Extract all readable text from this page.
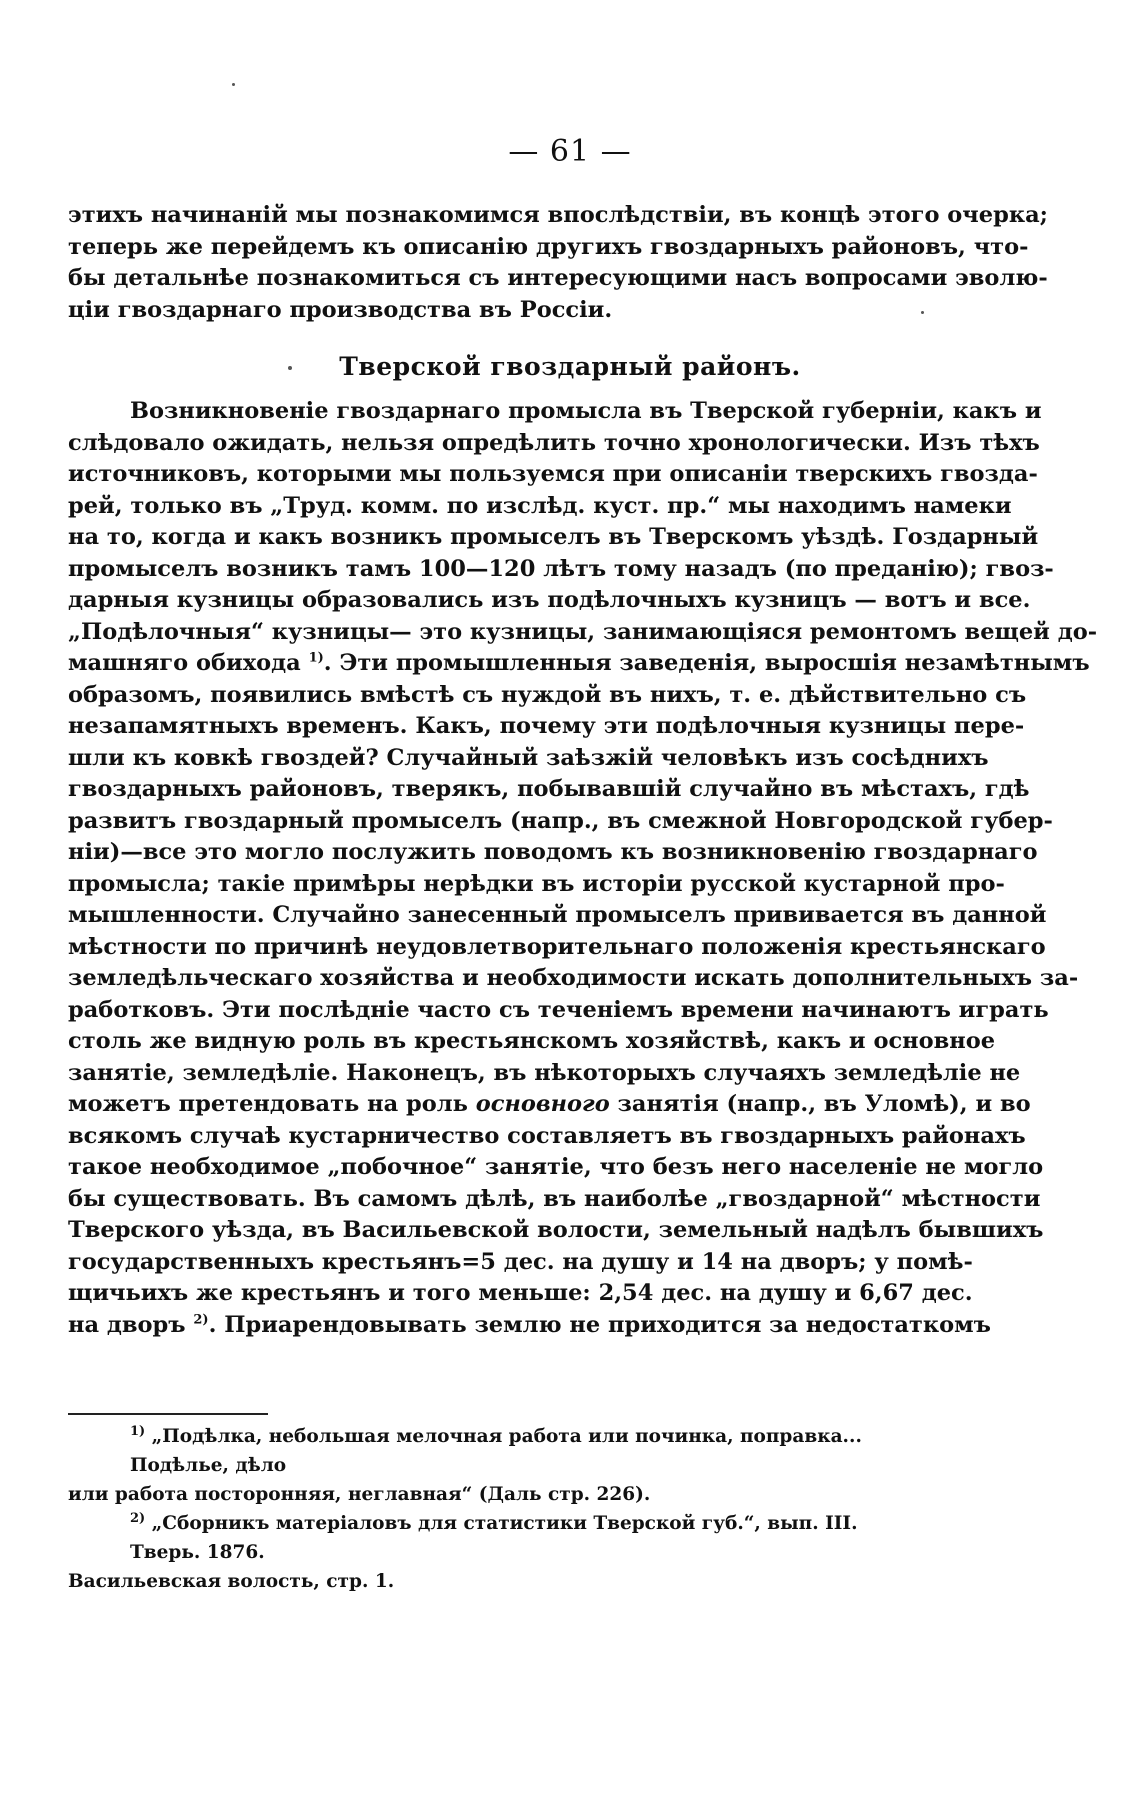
— 61 —
этихъ начинаній мы познакомимся впослѣдствіи, въ концѣ этого очерка;
теперь же перейдемъ къ описанію другихъ гвоздарныхъ районовъ, что-
бы детальнѣе познакомиться съ интересующими насъ вопросами эволю-
ціи гвоздарнаго производства въ Россіи.
Тверской гвоздарный районъ.
Возникновеніе гвоздарнаго промысла въ Тверской губерніи, какъ и
слѣдовало ожидать, нельзя опредѣлить точно хронологически. Изъ тѣхъ
источниковъ, которыми мы пользуемся при описаніи тверскихъ гвозда-
рей, только въ „Труд. комм. по изслѣд. куст. пр.“ мы находимъ намеки
на то, когда и какъ возникъ промыселъ въ Тверскомъ уѣздѣ. Гоздарный
промыселъ возникъ тамъ 100—120 лѣтъ тому назадъ (по преданію); гвоз-
дарныя кузницы образовались изъ подѣлочныхъ кузницъ — вотъ и все.
„Подѣлочныя“ кузницы— это кузницы, занимающіяся ремонтомъ вещей до-
машняго обихода $^{1)}$. Эти промышленныя заведенія, выросшія незамѣтнымъ
образомъ, появились вмѣстѣ съ нуждой въ нихъ, т. е. дѣйствительно съ
незапамятныхъ временъ. Какъ, почему эти подѣлочныя кузницы пере-
шли къ ковкѣ гвоздей? Случайный заѣзжій человѣкъ изъ сосѣднихъ
гвоздарныхъ районовъ, тверякъ, побывавшій случайно въ мѣстахъ, гдѣ
развитъ гвоздарный промыселъ (напр., въ смежной Новгородской губер-
ніи)—все это могло послужить поводомъ къ возникновенію гвоздарнаго
промысла; такіе примѣры нерѣдки въ исторіи русской кустарной про-
мышленности. Случайно занесенный промыселъ прививается въ данной
мѣстности по причинѣ неудовлетворительнаго положенія крестьянскаго
земледѣльческаго хозяйства и необходимости искать дополнительныхъ за-
работковъ. Эти послѣдніе часто съ теченіемъ времени начинаютъ играть
столь же видную роль въ крестьянскомъ хозяйствѣ, какъ и основное
занятіе, земледѣліе. Наконецъ, въ нѣкоторыхъ случаяхъ земледѣліе не
можетъ претендовать на роль основного занятія (напр., въ Уломѣ), и во
всякомъ случаѣ кустарничество составляетъ въ гвоздарныхъ районахъ
такое необходимое „побочное“ занятіе, что безъ него населеніе не могло
бы существовать. Въ самомъ дѣлѣ, въ наиболѣе „гвоздарной“ мѣстности
Тверского уѣзда, въ Васильевской волости, земельный надѣлъ бывшихъ
государственныхъ крестьянъ=5 дес. на душу и 14 на дворъ; у помѣ-
щичьихъ же крестьянъ и того меньше: 2,54 дес. на душу и 6,67 дес.
на дворъ $^{2)}$. Приарендовывать землю не приходится за недостаткомъ
$^{1)}$ „Подѣлка, небольшая мелочная работа или починка, поправка... Подѣлье, дѣло
или работа посторонняя, неглавная“ (Даль стр. 226).
$^{2)}$ „Сборникъ матеріаловъ для статистики Тверской губ.“, вып. III. Тверь. 1876.
Васильевская волость, стр. 1.
